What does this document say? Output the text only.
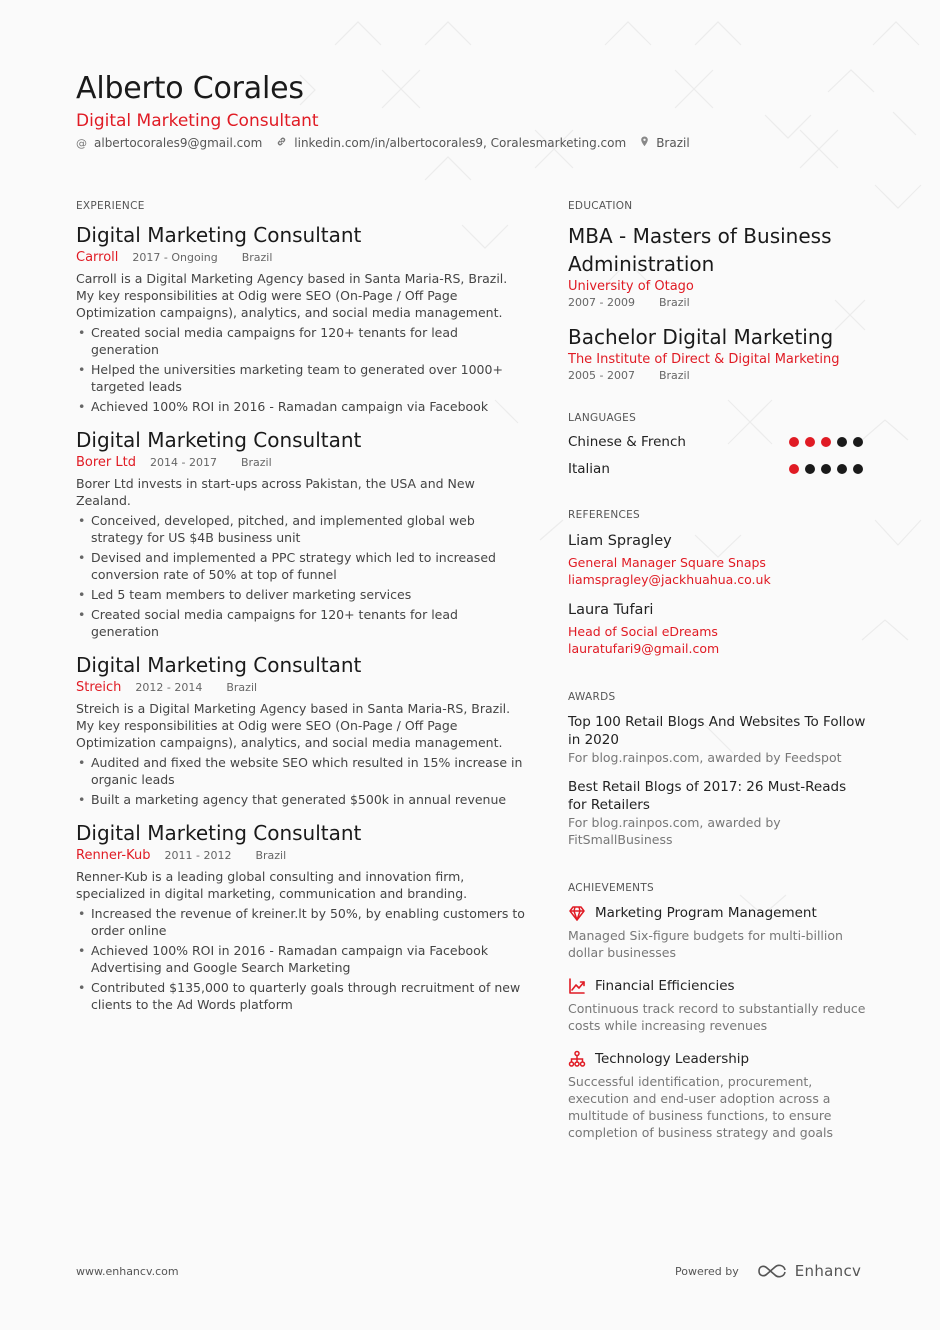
Alberto Corales
Digital Marketing Consultant
@ albertocorales9@gmail.com	linkedin.com/in/albertocorales9, Coralesmarketing.com	Brazil
EXPERIENCE
Digital Marketing Consultant
Carroll 2017 - Ongoing Brazil
Carroll is a Digital Marketing Agency based in Santa Maria-RS, Brazil. My key responsibilities at Odig were SEO (On-Page / Off Page Optimization campaigns), analytics, and social media management.
• Created social media campaigns for 120+ tenants for lead generation
• Helped the universities marketing team to generated over 1000+ targeted leads
• Achieved 100% ROI in 2016 - Ramadan campaign via Facebook
Digital Marketing Consultant
Borer Ltd 2014 - 2017 Brazil
Borer Ltd invests in start-ups across Pakistan, the USA and New Zealand.
• Conceived, developed, pitched, and implemented global web strategy for US $4B business unit
• Devised and implemented a PPC strategy which led to increased conversion rate of 50% at top of funnel
• Led 5 team members to deliver marketing services
• Created social media campaigns for 120+ tenants for lead generation
Digital Marketing Consultant
Streich 2012 - 2014 Brazil
Streich is a Digital Marketing Agency based in Santa Maria-RS, Brazil. My key responsibilities at Odig were SEO (On-Page / Off Page Optimization campaigns), analytics, and social media management.
• Audited and fixed the website SEO which resulted in 15% increase in organic leads
• Built a marketing agency that generated $500k in annual revenue
Digital Marketing Consultant
Renner-Kub 2011 - 2012 Brazil
Renner-Kub is a leading global consulting and innovation firm, specialized in digital marketing, communication and branding.
• Increased the revenue of kreiner.lt by 50%, by enabling customers to order online
• Achieved 100% ROI in 2016 - Ramadan campaign via Facebook Advertising and Google Search Marketing
• Contributed $135,000 to quarterly goals through recruitment of new clients to the Ad Words platform
EDUCATION
MBA - Masters of Business Administration
University of Otago
2007 - 2009 Brazil
Bachelor Digital Marketing
The Institute of Direct & Digital Marketing
2005 - 2007 Brazil
LANGUAGES
Chinese & French
Italian
REFERENCES
Liam Spragley
General Manager Square Snaps
liamspragley@jackhuahua.co.uk
Laura Tufari
Head of Social eDreams
lauratufari9@gmail.com
AWARDS
Top 100 Retail Blogs And Websites To Follow in 2020
For blog.rainpos.com, awarded by Feedspot
Best Retail Blogs of 2017: 26 Must-Reads for Retailers
For blog.rainpos.com, awarded by FitSmallBusiness
ACHIEVEMENTS
Marketing Program Management
Managed Six-figure budgets for multi-billion dollar businesses
Financial Efficiencies
Continuous track record to substantially reduce costs while increasing revenues
Technology Leadership
Successful identification, procurement, execution and end-user adoption across a multitude of business functions, to ensure completion of business strategy and goals
www.enhancv.com	Powered by	Enhancv
